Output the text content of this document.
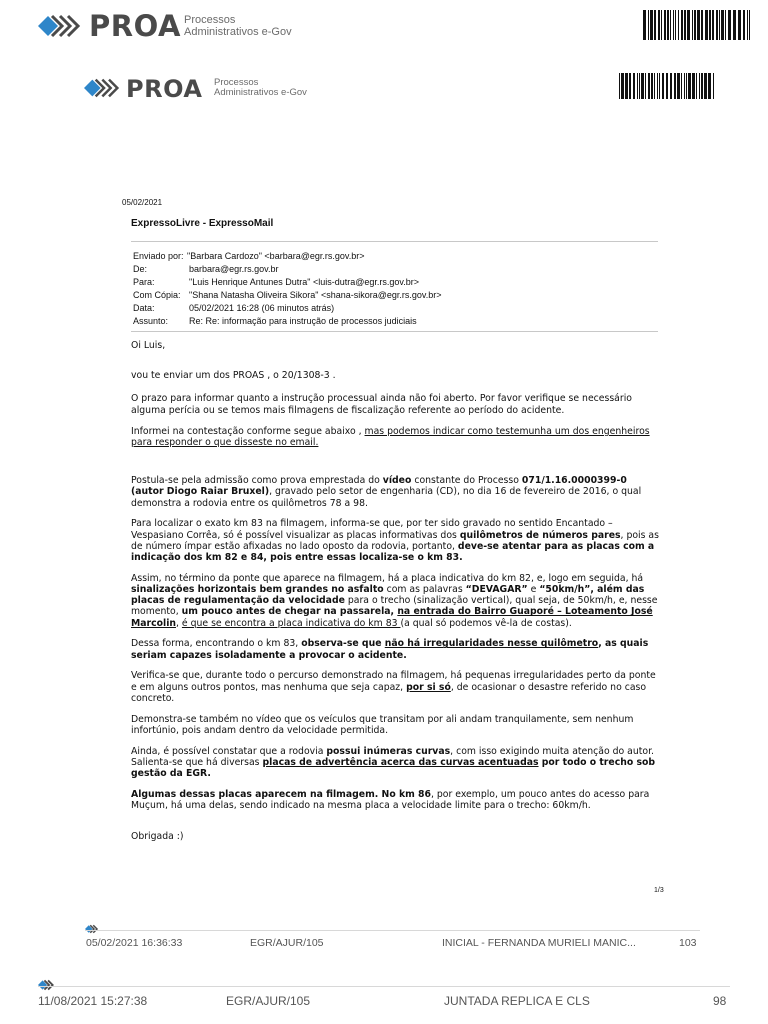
PROA Processos
Administrativos e-Gov
PROA Processos
Administrativos e-Gov
05/02/2021
ExpressoLivre - ExpressoMail
Enviado por: "Barbara Cardozo" <barbara@egr.rs.gov.br>
De:	barbara@egr.rs.gov.br
Para:	"Luis Henrique Antunes Dutra" <luis-dutra@egr.rs.gov.br>
Com Cópia: "Shana Natasha Oliveira Sikora" <shana-sikora@egr.rs.gov.br>
Data:	05/02/2021 16:28 (06 minutos atrás)
Assunto: Re: Re: informação para instrução de processos judiciais

Oi Luis,

vou te enviar um dos PROAS , o 20/1308-3 .

O prazo para informar quanto a instrução processual ainda não foi aberto. Por favor verifique se necessário alguma perícia ou se temos mais filmagens de fiscalização referente ao período do acidente.

Informei na contestação conforme segue abaixo , mas podemos indicar como testemunha um dos engenheiros para responder o que disseste no email.

Postula-se pela admissão como prova emprestada do vídeo constante do Processo 071/1.16.0000399-0 (autor Diogo Raiar Bruxel), gravado pelo setor de engenharia (CD), no dia 16 de fevereiro de 2016, o qual demonstra a rodovia entre os quilômetros 78 a 98.

Para localizar o exato km 83 na filmagem, informa-se que, por ter sido gravado no sentido Encantado – Vespasiano Corrêa, só é possível visualizar as placas informativas dos quilômetros de números pares, pois as de número ímpar estão afixadas no lado oposto da rodovia, portanto, deve-se atentar para as placas com a indicação dos km 82 e 84, pois entre essas localiza-se o km 83.

Assim, no término da ponte que aparece na filmagem, há a placa indicativa do km 82, e, logo em seguida, há sinalizações horizontais bem grandes no asfalto com as palavras “DEVAGAR” e “50km/h”, além das placas de regulamentação da velocidade para o trecho (sinalização vertical), qual seja, de 50km/h, e, nesse momento, um pouco antes de chegar na passarela, na entrada do Bairro Guaporé – Loteamento José Marcolin, é que se encontra a placa indicativa do km 83 (a qual só podemos vê-la de costas).

Dessa forma, encontrando o km 83, observa-se que não há irregularidades nesse quilômetro, as quais seriam capazes isoladamente a provocar o acidente.

Verifica-se que, durante todo o percurso demonstrado na filmagem, há pequenas irregularidades perto da ponte e em alguns outros pontos, mas nenhuma que seja capaz, por si só, de ocasionar o desastre referido no caso concreto.

Demonstra-se também no vídeo que os veículos que transitam por ali andam tranquilamente, sem nenhum infortúnio, pois andam dentro da velocidade permitida.

Ainda, é possível constatar que a rodovia possui inúmeras curvas, com isso exigindo muita atenção do autor. Salienta-se que há diversas placas de advertência acerca das curvas acentuadas por todo o trecho sob gestão da EGR.

Algumas dessas placas aparecem na filmagem. No km 86, por exemplo, um pouco antes do acesso para Muçum, há uma delas, sendo indicado na mesma placa a velocidade limite para o trecho: 60km/h.

Obrigada :)

1/3
05/02/2021 16:36:33	EGR/AJUR/105	INICIAL - FERNANDA MURIELI MANIC...	103
11/08/2021 15:27:38	EGR/AJUR/105	JUNTADA REPLICA E CLS	98
